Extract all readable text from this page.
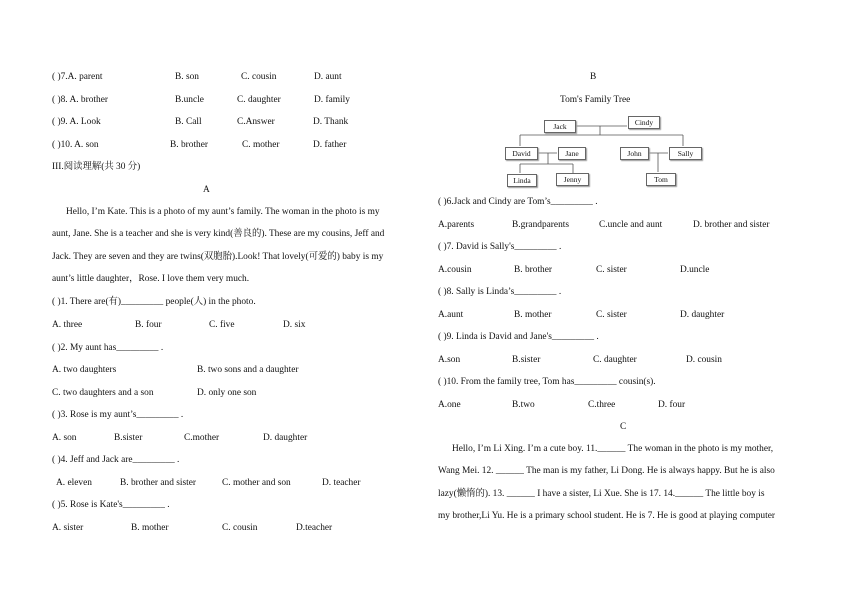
( )7.A. parent	B. son	C. cousin	D. aunt
( )8. A. brother	B.uncle	C. daughter	D. family
( )9. A. Look	B. Call	C.Answer	D. Thank
( )10. A. son	B. brother	C. mother	D. father
III.阅读理解(共 30 分)
A
Hello, I’m Kate. This is a photo of my aunt’s family. The woman in the photo is my
aunt, Jane. She is a teacher and she is very kind(善良的). These are my cousins, Jeff and
Jack. They are seven and they are twins(双胞胎).Look! That lovely(可爱的) baby is my
aunt’s little daughter，Rose. I love them very much.
( )1. There are(有)_________ people(人) in the photo.
A. three	B. four	C. five	D. six
( )2. My aunt has_________ .
A. two daughters	B. two sons and a daughter
C. two daughters and a son	D. only one son
( )3. Rose is my aunt’s_________ .
A. son	B.sister	C.mother	D. daughter
( )4. Jeff and Jack are_________ .
A. eleven	B. brother and sister	C. mother and son	D. teacher
( )5. Rose is Kate's_________ .
A. sister	B. mother	C. cousin	D.teacher
B
Tom's Family Tree
Jack	Cindy
David	Jane	John	Sally
Linda	Jenny	Tom
( )6.Jack and Cindy are Tom’s_________ .
A.parents	B.grandparents	C.uncle and aunt	D. brother and sister
( )7. David is Sally's_________ .
A.cousin	B. brother	C. sister	D.uncle
( )8. Sally is Linda’s_________ .
A.aunt	B. mother	C. sister	D. daughter
( )9. Linda is David and Jane's_________ .
A.son	B.sister	C. daughter	D. cousin
( )10. From the family tree, Tom has_________ cousin(s).
A.one	B.two	C.three	D. four
C
Hello, I’m Li Xing. I’m a cute boy. 11.______ The woman in the photo is my mother,
Wang Mei. 12. ______ The man is my father, Li Dong. He is always happy. But he is also
lazy(懒惰的). 13. ______ I have a sister, Li Xue. She is 17. 14.______ The little boy is
my brother,Li Yu. He is a primary school student. He is 7. He is good at playing computer
